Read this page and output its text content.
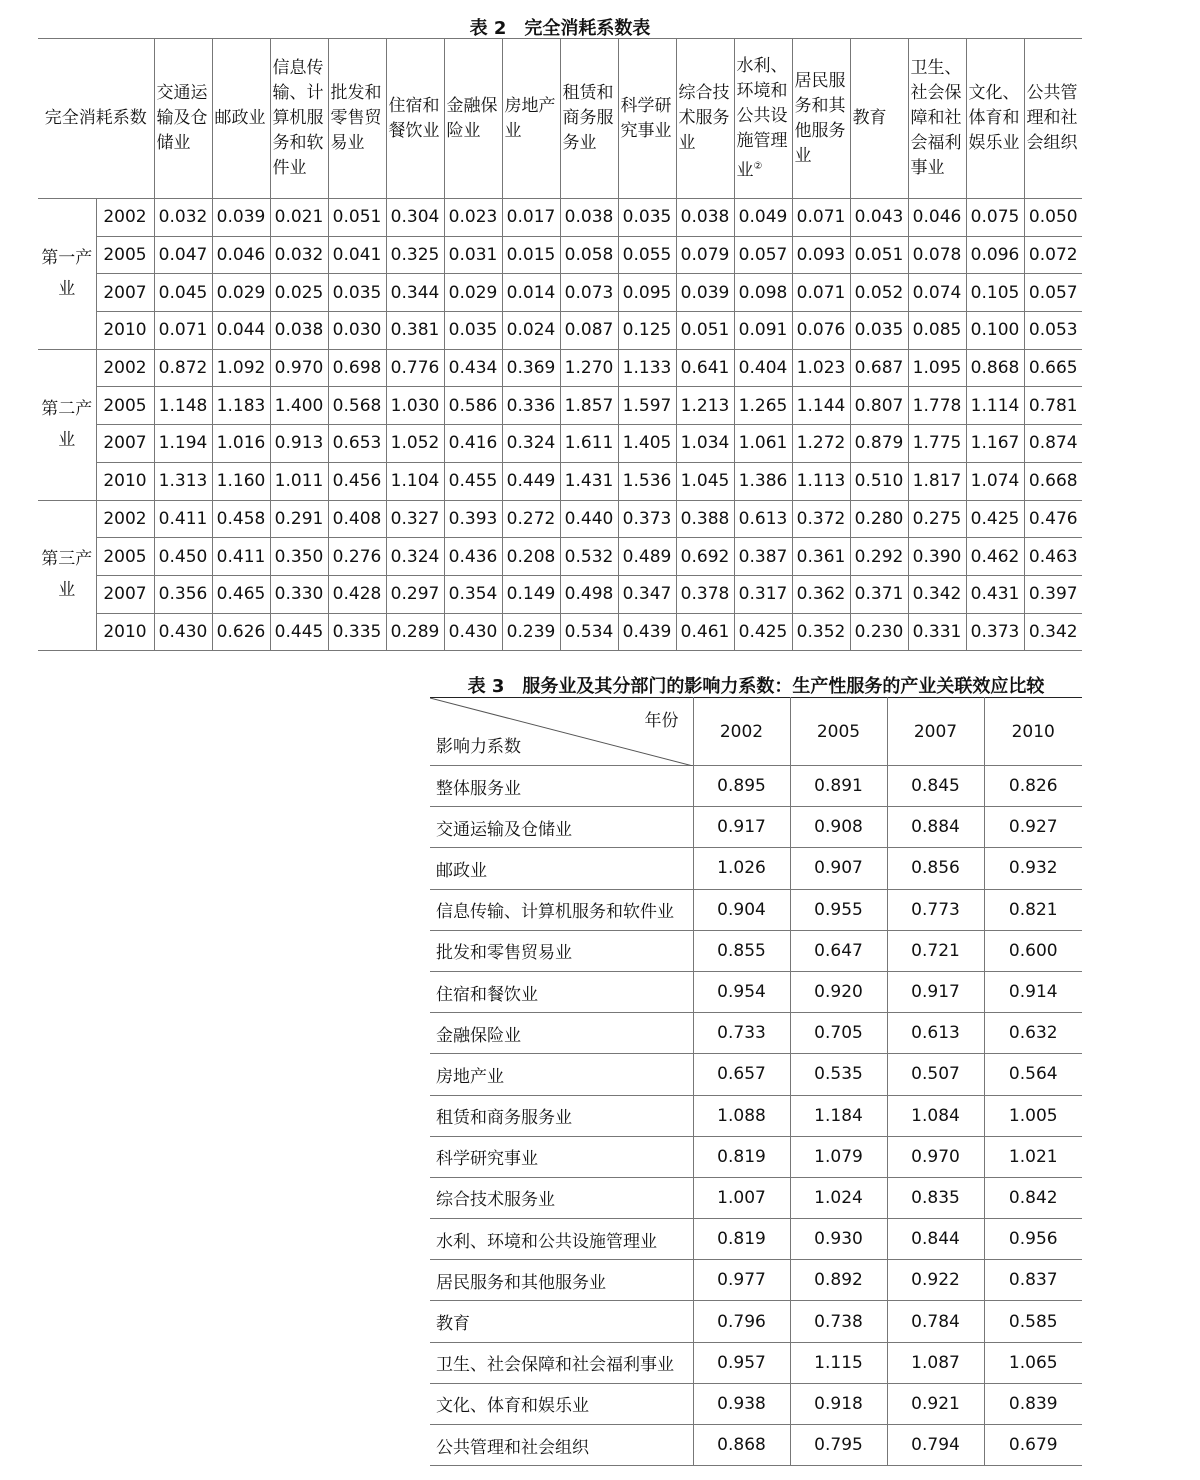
表 2　完全消耗系数表
完全消耗系数		交通运输及仓储业	邮政业	信息传输、计算机服务和软件业	批发和零售贸易业	住宿和餐饮业	金融保险业	房地产业	租赁和商务服务业	科学研究事业	综合技术服务业	水利、环境和公共设施管理业②	居民服务和其他服务业	教育	卫生、社会保障和社会福利事业	文化、体育和娱乐业	公共管理和社会组织
第一产业	2002	0.032	0.039	0.021	0.051	0.304	0.023	0.017	0.038	0.035	0.038	0.049	0.071	0.043	0.046	0.075	0.050
	2005	0.047	0.046	0.032	0.041	0.325	0.031	0.015	0.058	0.055	0.079	0.057	0.093	0.051	0.078	0.096	0.072
	2007	0.045	0.029	0.025	0.035	0.344	0.029	0.014	0.073	0.095	0.039	0.098	0.071	0.052	0.074	0.105	0.057
	2010	0.071	0.044	0.038	0.030	0.381	0.035	0.024	0.087	0.125	0.051	0.091	0.076	0.035	0.085	0.100	0.053
第二产业	2002	0.872	1.092	0.970	0.698	0.776	0.434	0.369	1.270	1.133	0.641	0.404	1.023	0.687	1.095	0.868	0.665
	2005	1.148	1.183	1.400	0.568	1.030	0.586	0.336	1.857	1.597	1.213	1.265	1.144	0.807	1.778	1.114	0.781
	2007	1.194	1.016	0.913	0.653	1.052	0.416	0.324	1.611	1.405	1.034	1.061	1.272	0.879	1.775	1.167	0.874
	2010	1.313	1.160	1.011	0.456	1.104	0.455	0.449	1.431	1.536	1.045	1.386	1.113	0.510	1.817	1.074	0.668
第三产业	2002	0.411	0.458	0.291	0.408	0.327	0.393	0.272	0.440	0.373	0.388	0.613	0.372	0.280	0.275	0.425	0.476
	2005	0.450	0.411	0.350	0.276	0.324	0.436	0.208	0.532	0.489	0.692	0.387	0.361	0.292	0.390	0.462	0.463
	2007	0.356	0.465	0.330	0.428	0.297	0.354	0.149	0.498	0.347	0.378	0.317	0.362	0.371	0.342	0.431	0.397
	2010	0.430	0.626	0.445	0.335	0.289	0.430	0.239	0.534	0.439	0.461	0.425	0.352	0.230	0.331	0.373	0.342
表 3　服务业及其分部门的影响力系数：生产性服务的产业关联效应比较
年份
影响力系数	2002	2005	2007	2010
整体服务业	0.895	0.891	0.845	0.826
交通运输及仓储业	0.917	0.908	0.884	0.927
邮政业	1.026	0.907	0.856	0.932
信息传输、计算机服务和软件业	0.904	0.955	0.773	0.821
批发和零售贸易业	0.855	0.647	0.721	0.600
住宿和餐饮业	0.954	0.920	0.917	0.914
金融保险业	0.733	0.705	0.613	0.632
房地产业	0.657	0.535	0.507	0.564
租赁和商务服务业	1.088	1.184	1.084	1.005
科学研究事业	0.819	1.079	0.970	1.021
综合技术服务业	1.007	1.024	0.835	0.842
水利、环境和公共设施管理业	0.819	0.930	0.844	0.956
居民服务和其他服务业	0.977	0.892	0.922	0.837
教育	0.796	0.738	0.784	0.585
卫生、社会保障和社会福利事业	0.957	1.115	1.087	1.065
文化、体育和娱乐业	0.938	0.918	0.921	0.839
公共管理和社会组织	0.868	0.795	0.794	0.679
